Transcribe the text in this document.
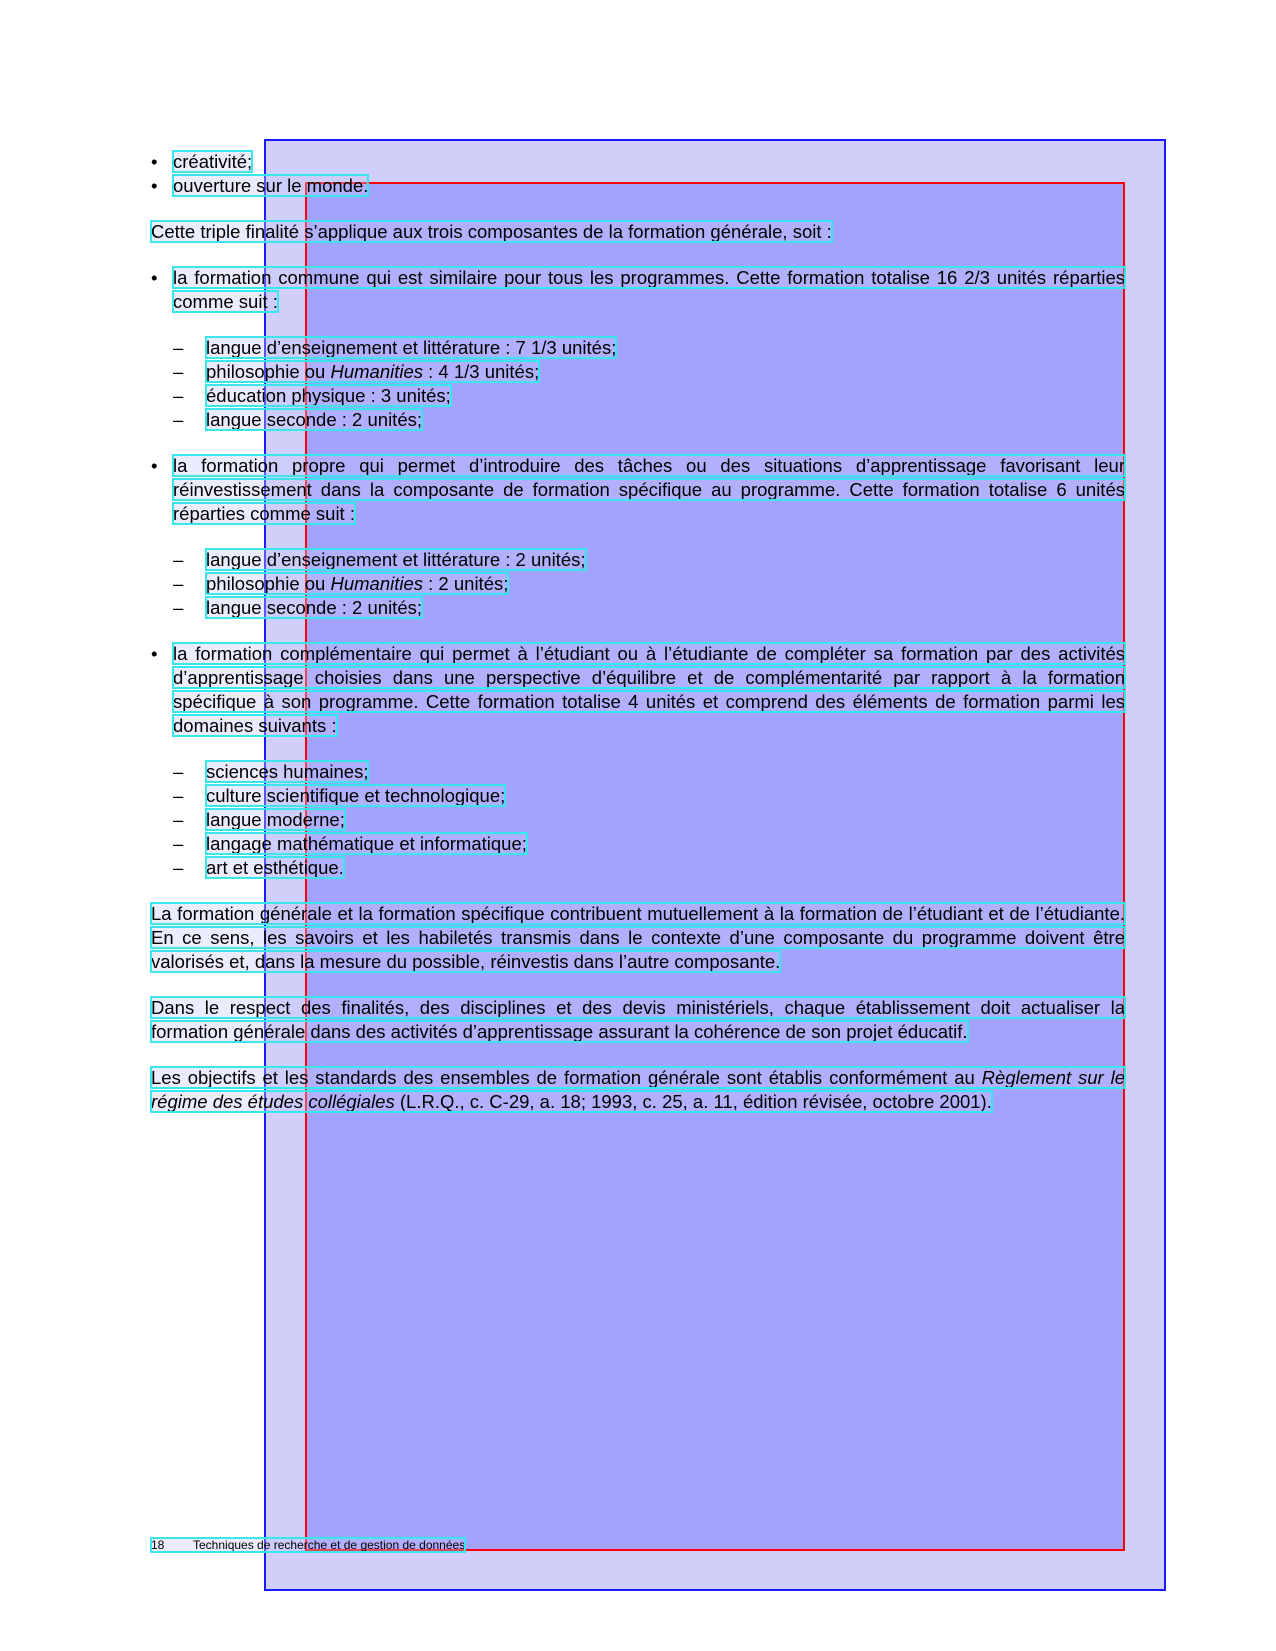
• créativité;
• ouverture sur le monde.
Cette triple finalité s’applique aux trois composantes de la formation générale, soit :
• la formation commune qui est similaire pour tous les programmes. Cette formation totalise 16 2/3 unités réparties comme suit :
– langue d’enseignement et littérature : 7 1/3 unités;
– philosophie ou Humanities : 4 1/3 unités;
– éducation physique : 3 unités;
– langue seconde : 2 unités;
• la formation propre qui permet d’introduire des tâches ou des situations d’apprentissage favorisant leur réinvestissement dans la composante de formation spécifique au programme. Cette formation totalise 6 unités réparties comme suit :
– langue d’enseignement et littérature : 2 unités;
– philosophie ou Humanities : 2 unités;
– langue seconde : 2 unités;
• la formation complémentaire qui permet à l’étudiant ou à l’étudiante de compléter sa formation par des activités d’apprentissage choisies dans une perspective d’équilibre et de complémentarité par rapport à la formation spécifique à son programme. Cette formation totalise 4 unités et comprend des éléments de formation parmi les domaines suivants :
– sciences humaines;
– culture scientifique et technologique;
– langue moderne;
– langage mathématique et informatique;
– art et esthétique.
La formation générale et la formation spécifique contribuent mutuellement à la formation de l’étudiant et de l’étudiante. En ce sens, les savoirs et les habiletés transmis dans le contexte d’une composante du programme doivent être valorisés et, dans la mesure du possible, réinvestis dans l’autre composante.
Dans le respect des finalités, des disciplines et des devis ministériels, chaque établissement doit actualiser la formation générale dans des activités d’apprentissage assurant la cohérence de son projet éducatif.
Les objectifs et les standards des ensembles de formation générale sont établis conformément au Règlement sur le régime des études collégiales (L.R.Q., c. C-29, a. 18; 1993, c. 25, a. 11, édition révisée, octobre 2001).
18 Techniques de recherche et de gestion de données
